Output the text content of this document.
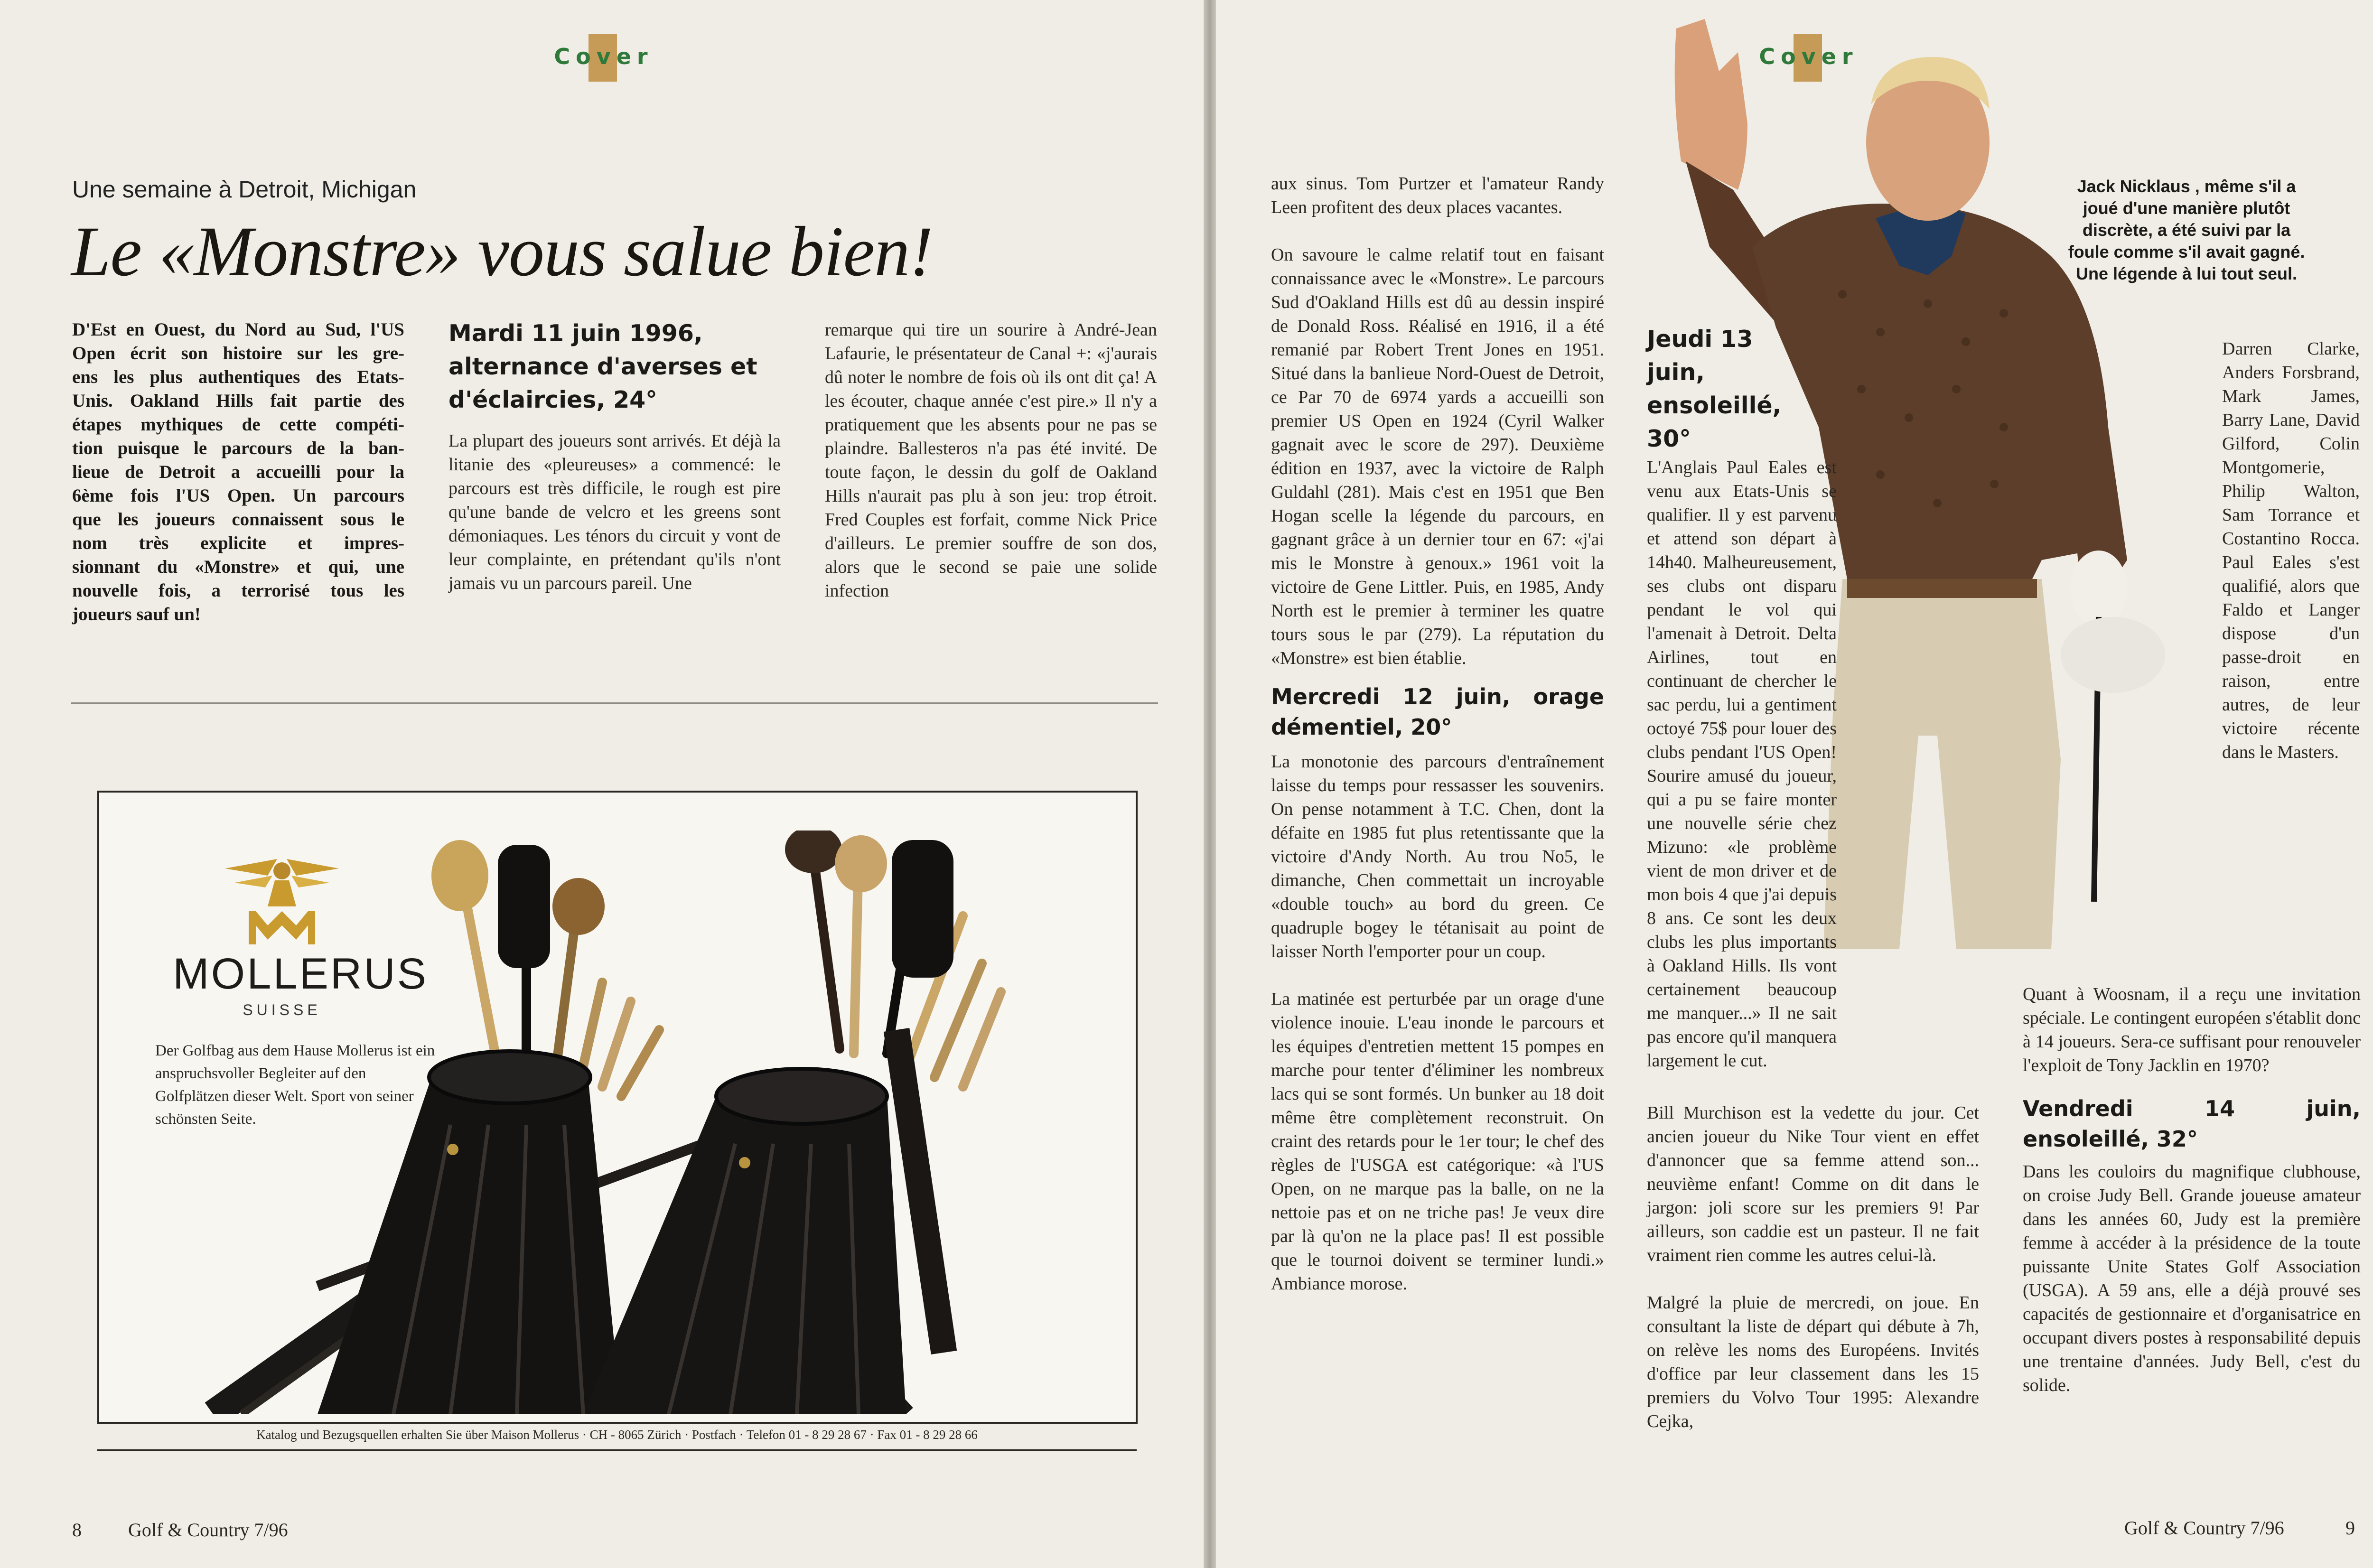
Cover
Une semaine à Detroit, Michigan
Le «Monstre» vous salue bien!
D'Est en Ouest, du Nord au Sud, l'US
Open écrit son histoire sur les gre-
ens les plus authentiques des Etats-
Unis. Oakland Hills fait partie des
étapes mythiques de cette compéti-
tion puisque le parcours de la ban-
lieue de Detroit a accueilli pour la
6ème fois l'US Open. Un parcours
que les joueurs connaissent sous le
nom très explicite et impres-
sionnant du «Monstre» et qui, une
nouvelle fois, a terrorisé tous les
joueurs sauf un!
Mardi 11 juin 1996, alternance d'averses et d'éclaircies, 24°
La plupart des joueurs sont arrivés. Et déjà la litanie des «pleureuses» a commencé: le parcours est très difficile, le rough est pire qu'une bande de velcro et les greens sont démoniaques. Les ténors du circuit y vont de leur complainte, en prétendant qu'ils n'ont jamais vu un parcours pareil. Une
remarque qui tire un sourire à André-Jean Lafaurie, le présentateur de Canal +: «j'aurais dû noter le nombre de fois où ils ont dit ça! A les écouter, chaque année c'est pire.» Il n'y a pratiquement que les absents pour ne pas se plaindre. Ballesteros n'a pas été invité. De toute façon, le dessin du golf de Oakland Hills n'aurait pas plu à son jeu: trop étroit. Fred Couples est forfait, comme Nick Price d'ailleurs. Le premier souffre de son dos, alors que le second se paie une solide infection
MOLLERUS
SUISSE
Der Golfbag aus dem Hause Mollerus ist ein anspruchsvoller Begleiter auf den Golfplätzen dieser Welt. Sport von seiner schönsten Seite.
Katalog und Bezugsquellen erhalten Sie über Maison Mollerus · CH - 8065 Zürich · Postfach · Telefon 01 - 8 29 28 67 · Fax 01 - 8 29 28 66
8 Golf & Country 7/96
Cover

aux sinus. Tom Purtzer et l'amateur Randy Leen profitent des deux places vacantes.

On savoure le calme relatif tout en faisant connaissance avec le «Monstre». Le parcours Sud d'Oakland Hills est dû au dessin inspiré de Donald Ross. Réalisé en 1916, il a été remanié par Robert Trent Jones en 1951. Situé dans la banlieue Nord-Ouest de Detroit, ce Par 70 de 6974 yards a accueilli son premier US Open en 1924 (Cyril Walker gagnait avec le score de 297). Deuxième édition en 1937, avec la victoire de Ralph Guldahl (281). Mais c'est en 1951 que Ben Hogan scelle la légende du parcours, en gagnant grâce à un dernier tour en 67: «j'ai mis le Monstre à genoux.» 1961 voit la victoire de Gene Littler. Puis, en 1985, Andy North est le premier à terminer les quatre tours sous le par (279). La réputation du «Monstre» est bien établie.

Mercredi 12 juin, orage démentiel, 20°

La monotonie des parcours d'entraînement laisse du temps pour ressasser les souvenirs. On pense notamment à T.C. Chen, dont la défaite en 1985 fut plus retentissante que la victoire d'Andy North. Au trou No5, le dimanche, Chen commettait un incroyable «double touch» au bord du green. Ce quadruple bogey le tétanisait au point de laisser North l'emporter pour un coup.

La matinée est perturbée par un orage d'une violence inouie. L'eau inonde le parcours et les équipes d'entretien mettent 15 pompes en marche pour tenter d'éliminer les nombreux lacs qui se sont formés. Un bunker au 18 doit même être complètement reconstruit. On craint des retards pour le 1er tour; le chef des règles de l'USGA est catégorique: «à l'US Open, on ne marque pas la balle, on ne la nettoie pas et on ne triche pas! Je veux dire par là qu'on ne la place pas! Il est possible que le tournoi doivent se terminer lundi.» Ambiance morose.

Jeudi 13 juin, ensoleillé, 30°
L'Anglais Paul Eales est venu aux Etats-Unis se qualifier. Il y est parvenu et attend son départ à 14h40. Malheureusement, ses clubs ont disparu pendant le vol qui l'amenait à Detroit. Delta Airlines, tout en continuant de chercher le sac perdu, lui a gentiment octoyé 75$ pour louer des clubs pendant l'US Open! Sourire amusé du joueur, qui a pu se faire monter une nouvelle série chez Mizuno: «le problème vient de mon driver et de mon bois 4 que j'ai depuis 8 ans. Ce sont les deux clubs les plus importants à Oakland Hills. Ils vont certainement beaucoup me manquer...» Il ne sait pas encore qu'il manquera largement le cut.

Bill Murchison est la vedette du jour. Cet ancien joueur du Nike Tour vient en effet d'annoncer que sa femme attend son... neuvième enfant! Comme on dit dans le jargon: joli score sur les premiers 9! Par ailleurs, son caddie est un pasteur. Il ne fait vraiment rien comme les autres celui-là.

Malgré la pluie de mercredi, on joue. En consultant la liste de départ qui débute à 7h, on relève les noms des Européens. Invités d'office par leur classement dans les 15 premiers du Volvo Tour 1995: Alexandre Cejka,

Jack Nicklaus , même s'il a joué d'une manière plutôt discrète, a été suivi par la foule comme s'il avait gagné. Une légende à lui tout seul.
Darren Clarke, Anders Forsbrand, Mark James, Barry Lane, David Gilford, Colin Montgomerie, Philip Walton, Sam Torrance et Costantino Rocca. Paul Eales s'est qualifié, alors que Faldo et Langer dispose d'un passe-droit en raison, entre autres, de leur victoire récente dans le Masters.

Quant à Woosnam, il a reçu une invitation spéciale. Le contingent européen s'établit donc à 14 joueurs. Sera-ce suffisant pour renouveler l'exploit de Tony Jacklin en 1970?

Vendredi 14 juin, ensoleillé, 32°

Dans les couloirs du magnifique clubhouse, on croise Judy Bell. Grande joueuse amateur dans les années 60, Judy est la première femme à accéder à la présidence de la toute puissante Unite States Golf Association (USGA). A 59 ans, elle a déjà prouvé ses capacités de gestionnaire et d'organisatrice en occupant divers postes à responsabilité depuis une trentaine d'années. Judy Bell, c'est du solide.

Golf & Country 7/96	9
